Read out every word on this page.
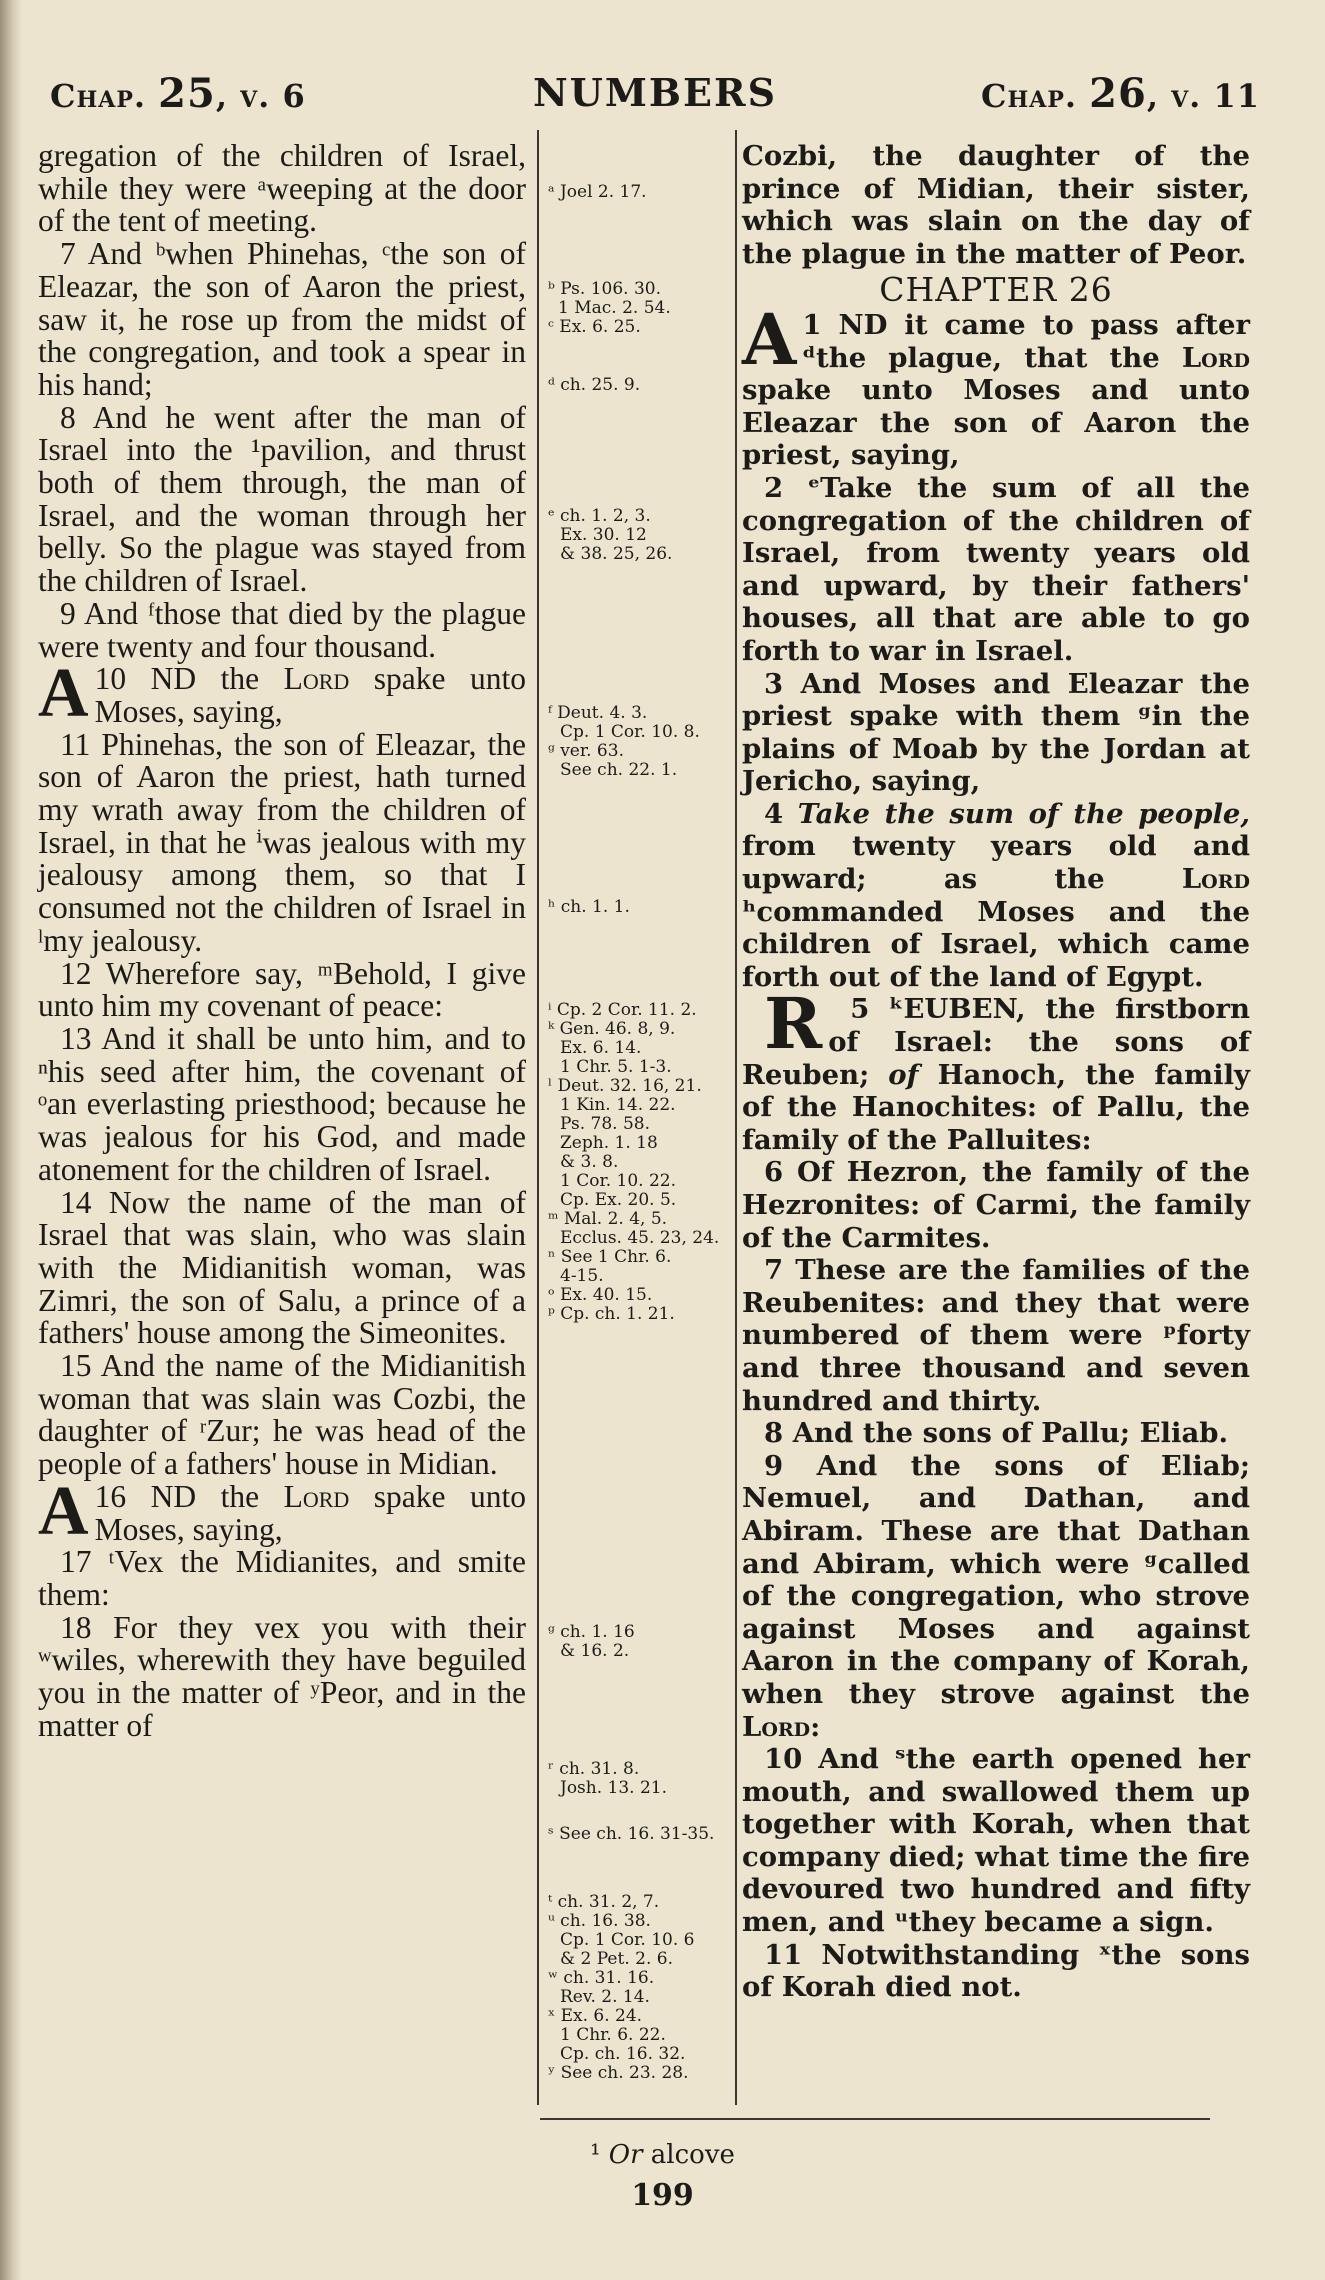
Chap. 25, v. 6	NUMBERS	Chap. 26, v. 11

gregation of the children of Israel, while they were ᵃweeping at the door of the tent of meeting.

7 And ᵇwhen Phinehas, ᶜthe son of Eleazar, the son of Aaron the priest, saw it, he rose up from the midst of the congregation, and took a spear in his hand;

8 And he went after the man of Israel into the ¹pavilion, and thrust both of them through, the man of Israel, and the woman through her belly. So the plague was stayed from the children of Israel.

9 And ᶠthose that died by the plague were twenty and four thousand.

10
A ND the Lord spake unto Moses, saying,

11 Phinehas, the son of Eleazar, the son of Aaron the priest, hath turned my wrath away from the children of Israel, in that he ⁱwas jealous with my jealousy among them, so that I consumed not the children of Israel in ˡmy jealousy.

12 Wherefore say, ᵐBehold, I give unto him my covenant of peace:

13 And it shall be unto him, and to ⁿhis seed after him, the covenant of ᵒan everlasting priesthood; because he was jealous for his God, and made atonement for the children of Israel.

14 Now the name of the man of Israel that was slain, who was slain with the Midianitish woman, was Zimri, the son of Salu, a prince of a fathers' house among the Simeonites.

15 And the name of the Midianitish woman that was slain was Cozbi, the daughter of ʳZur; he was head of the people of a fathers' house in Midian.

16
A ND the Lord spake unto Moses, saying,

17 ᵗVex the Midianites, and smite them:

18 For they vex you with their ʷwiles, wherewith they have beguiled you in the matter of ʸPeor, and in the matter of

ᵃ Joel 2. 17.
ᵇ Ps. 106. 30.
1 Mac. 2. 54.
ᶜ Ex. 6. 25.
ᵈ ch. 25. 9.
ᵉ ch. 1. 2, 3.
Ex. 30. 12
& 38. 25, 26.
ᶠ Deut. 4. 3.
Cp. 1 Cor. 10. 8.
ᵍ ver. 63.
See ch. 22. 1.
ʰ ch. 1. 1.
ⁱ Cp. 2 Cor. 11. 2.
ᵏ Gen. 46. 8, 9.
Ex. 6. 14.
1 Chr. 5. 1-3.
ˡ Deut. 32. 16, 21.
1 Kin. 14. 22.
Ps. 78. 58.
Zeph. 1. 18
& 3. 8.
1 Cor. 10. 22.
Cp. Ex. 20. 5.
ᵐ Mal. 2. 4, 5.
Ecclus. 45. 23, 24.
ⁿ See 1 Chr. 6.
4-15.
ᵒ Ex. 40. 15.
ᵖ Cp. ch. 1. 21.
ᵍ ch. 1. 16
& 16. 2.
ʳ ch. 31. 8.
Josh. 13. 21.
ˢ See ch. 16. 31-35.
ᵗ ch. 31. 2, 7.
ᵘ ch. 16. 38.
Cp. 1 Cor. 10. 6
& 2 Pet. 2. 6.
ʷ ch. 31. 16.
Rev. 2. 14.
ˣ Ex. 6. 24.
1 Chr. 6. 22.
Cp. ch. 16. 32.
ʸ See ch. 23. 28.

Cozbi, the daughter of the prince of Midian, their sister, which was slain on the day of the plague in the matter of Peor.

CHAPTER 26

1
A ND it came to pass after ᵈthe plague, that the Lord spake unto Moses and unto Eleazar the son of Aaron the priest, saying,

2 ᵉTake the sum of all the congregation of the children of Israel, from twenty years old and upward, by their fathers' houses, all that are able to go forth to war in Israel.

3 And Moses and Eleazar the priest spake with them ᵍin the plains of Moab by the Jordan at Jericho, saying,

4 Take the sum of the people, from twenty years old and upward; as the Lord ʰcommanded Moses and the children of Israel, which came forth out of the land of Egypt.

5 ᵏ
R	EUBEN, the firstborn of Israel: the sons of Reuben; of Hanoch, the family of the Hanochites: of Pallu, the family of the Palluites:

6 Of Hezron, the family of the Hezronites: of Carmi, the family of the Carmites.

7 These are the families of the Reubenites: and they that were numbered of them were ᵖforty and three thousand and seven hundred and thirty.

8 And the sons of Pallu; Eliab.

9 And the sons of Eliab; Nemuel, and Dathan, and Abiram. These are that Dathan and Abiram, which were ᵍcalled of the congregation, who strove against Moses and against Aaron in the company of Korah, when they strove against the Lord:

10 And ˢthe earth opened her mouth, and swallowed them up together with Korah, when that company died; what time the fire devoured two hundred and fifty men, and ᵘthey became a sign.

11 Notwithstanding ˣthe sons of Korah died not.

¹ Or alcove
199
